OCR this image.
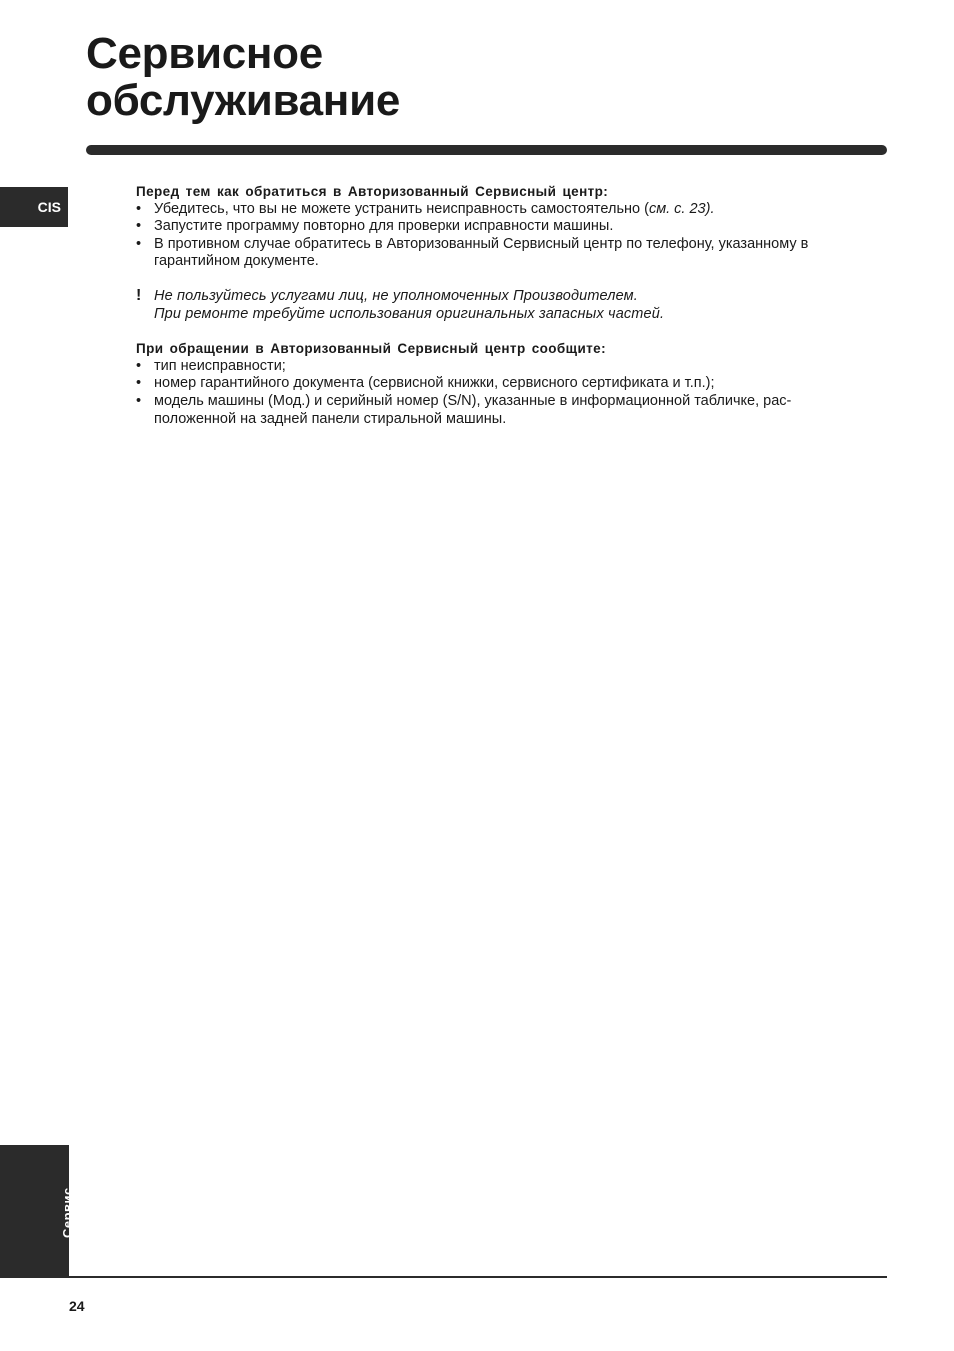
Сервисное
обслуживание
CIS

Перед тем как обратиться в Авторизованный Сервисный центр:

• Убедитесь, что вы не можете устранить неисправность самостоятельно (см. с. 23).
• Запустите программу повторно для проверки исправности машины.
• В противном случае обратитесь в Авторизованный Сервисный центр по телефону, указанному в гарантийном документе.
! Не пользуйтесь услугами лиц, не уполномоченных Производителем.
При ремонте требуйте использования оригинальных запасных частей.

При обращении в Авторизованный Сервисный центр сообщите:

• тип неисправности;
• номер гарантийного документа (сервисной книжки, сервисного сертификата и т.п.);
• модель машины (Мод.) и серийный номер (S/N), указанные в информационной табличке, рас-положенной на задней панели стиральной машины.
Сервис
24
